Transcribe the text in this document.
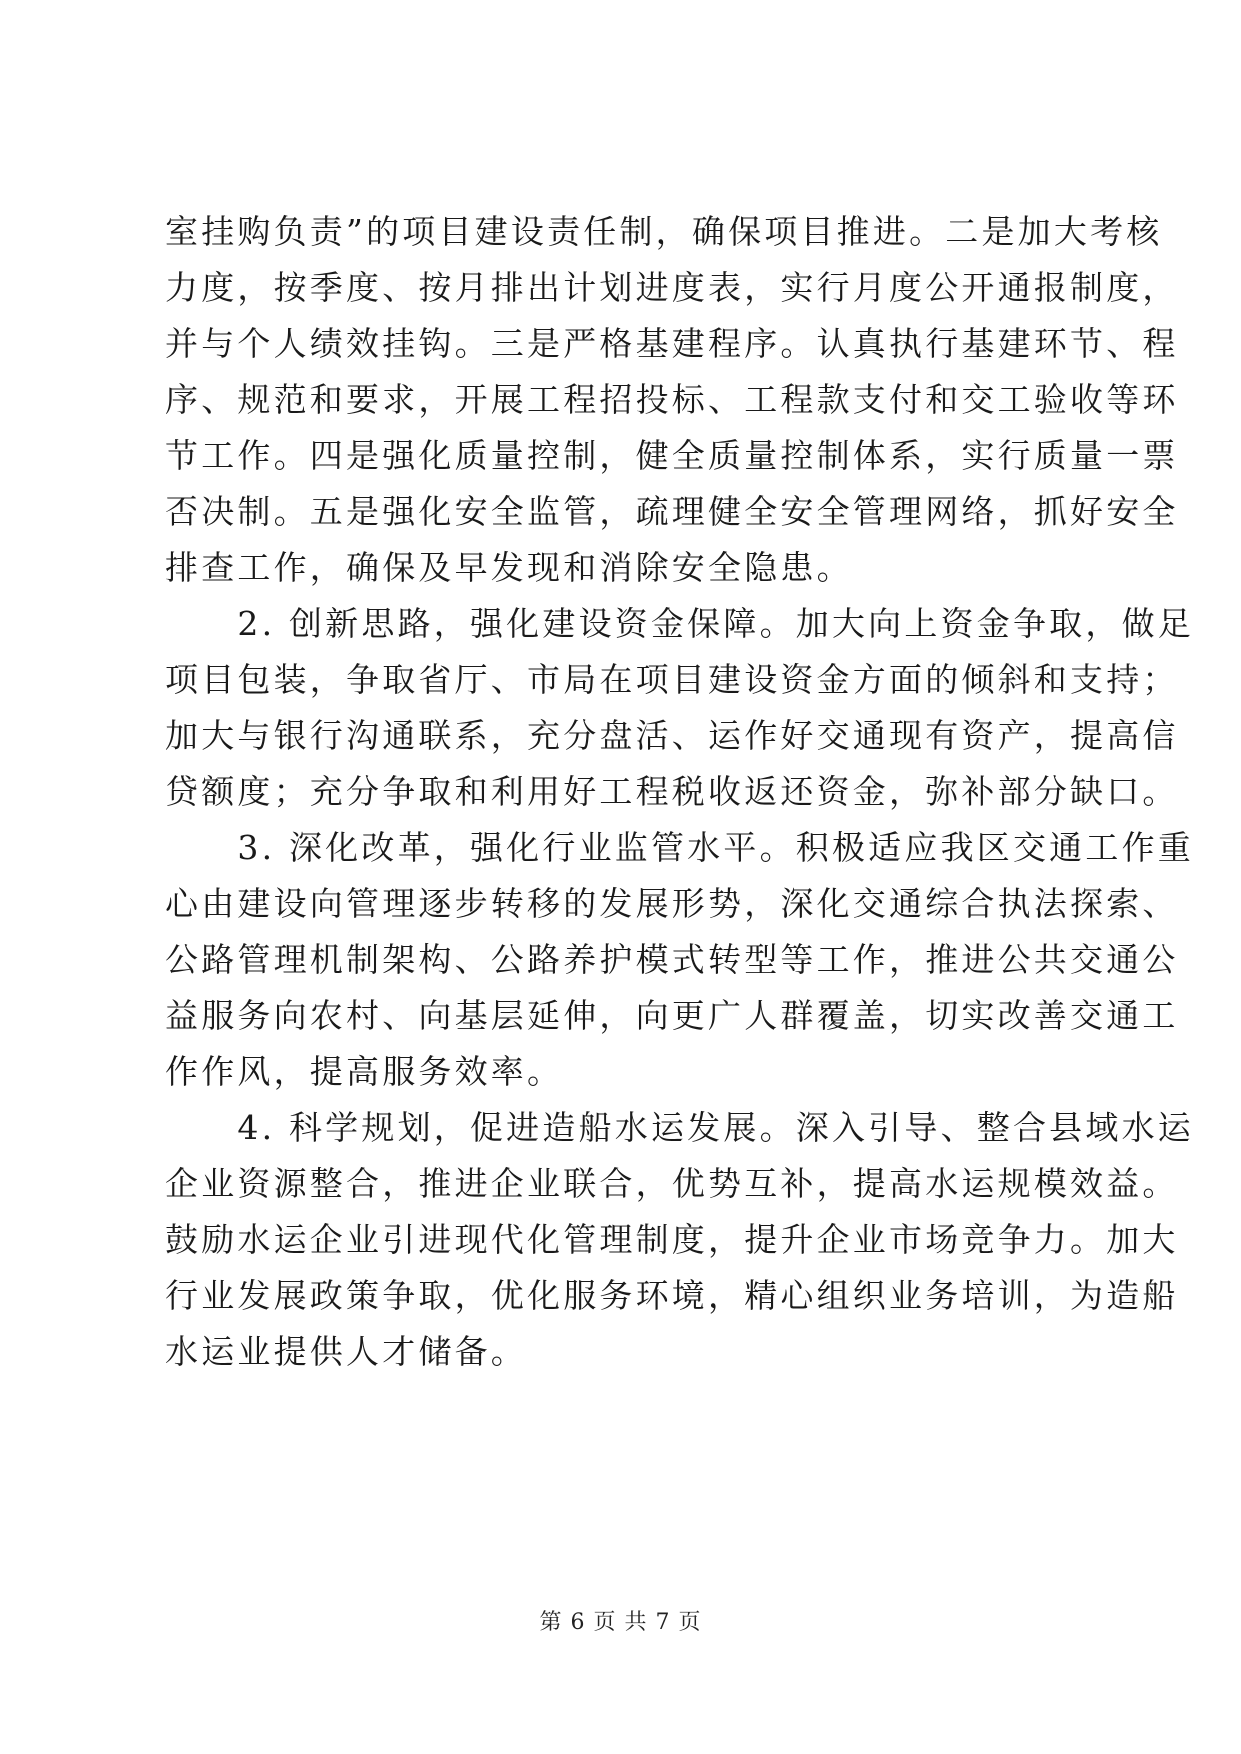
室挂购负责”的项目建设责任制，确保项目推进。二是加大考核
力度，按季度、按月排出计划进度表，实行月度公开通报制度，
并与个人绩效挂钩。三是严格基建程序。认真执行基建环节、程
序、规范和要求，开展工程招投标、工程款支付和交工验收等环
节工作。四是强化质量控制，健全质量控制体系，实行质量一票
否决制。五是强化安全监管，疏理健全安全管理网络，抓好安全
排查工作，确保及早发现和消除安全隐患。
　　2. 创新思路，强化建设资金保障。加大向上资金争取，做足
项目包装，争取省厅、市局在项目建设资金方面的倾斜和支持；
加大与银行沟通联系，充分盘活、运作好交通现有资产，提高信
贷额度；充分争取和利用好工程税收返还资金，弥补部分缺口。
　　3. 深化改革，强化行业监管水平。积极适应我区交通工作重
心由建设向管理逐步转移的发展形势，深化交通综合执法探索、
公路管理机制架构、公路养护模式转型等工作，推进公共交通公
益服务向农村、向基层延伸，向更广人群覆盖，切实改善交通工
作作风，提高服务效率。
　　4. 科学规划，促进造船水运发展。深入引导、整合县域水运
企业资源整合，推进企业联合，优势互补，提高水运规模效益。
鼓励水运企业引进现代化管理制度，提升企业市场竞争力。加大
行业发展政策争取，优化服务环境，精心组织业务培训，为造船
水运业提供人才储备。
第 6 页 共 7 页
